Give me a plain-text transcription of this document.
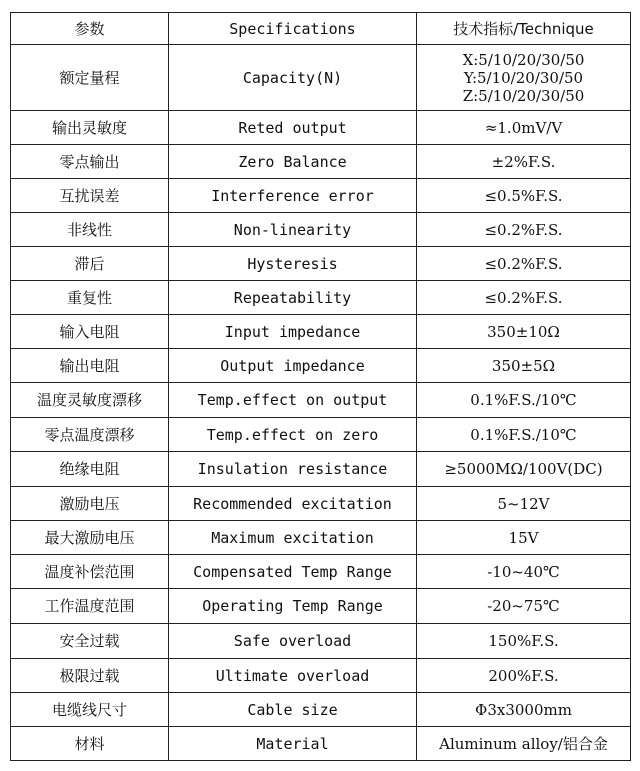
参数	Specifications	技术指标/Technique
额定量程	Capacity(N)	X:5/10/20/30/50
Y:5/10/20/30/50
Z:5/10/20/30/50

输出灵敏度	Reted output	≈1.0mV/V
零点输出	Zero Balance	±2%F.S.
互扰误差	Interference error	≤0.5%F.S.
非线性	Non-linearity	≤0.2%F.S.
滞后	Hysteresis	≤0.2%F.S.
重复性	Repeatability	≤0.2%F.S.
输入电阻	Input impedance	350±10Ω
输出电阻	Output impedance	350±5Ω
温度灵敏度漂移	Temp.effect on output	0.1%F.S./10℃
零点温度漂移	Temp.effect on zero	0.1%F.S./10℃
绝缘电阻	Insulation resistance	≥5000MΩ/100V(DC)
激励电压	Recommended excitation	5~12V
最大激励电压	Maximum excitation	15V
温度补偿范围	Compensated Temp Range	-10~40℃
工作温度范围	Operating Temp Range	-20~75℃
安全过载	Safe overload	150%F.S.
极限过载	Ultimate overload	200%F.S.
电缆线尺寸	Cable size	Φ3x3000mm
材料	Material	Aluminum alloy/铝合金
